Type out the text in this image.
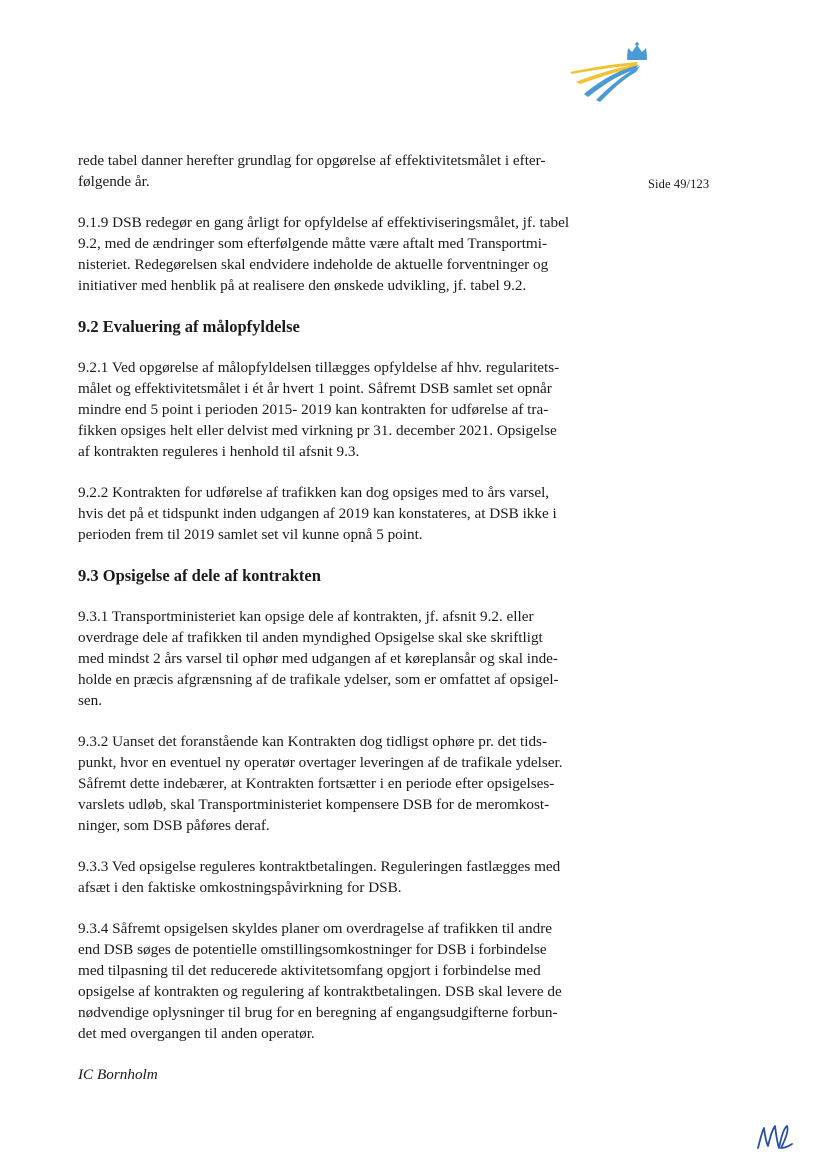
Side 49/123

rede tabel danner herefter grundlag for opgørelse af effektivitetsmålet i efter-
følgende år.

9.1.9 DSB redegør en gang årligt for opfyldelse af effektiviseringsmålet, jf. tabel
9.2, med de ændringer som efterfølgende måtte være aftalt med Transportmi-
nisteriet. Redegørelsen skal endvidere indeholde de aktuelle forventninger og
initiativer med henblik på at realisere den ønskede udvikling, jf. tabel 9.2.

9.2 Evaluering af målopfyldelse

9.2.1 Ved opgørelse af målopfyldelsen tillægges opfyldelse af hhv. regularitets-
målet og effektivitetsmålet i ét år hvert 1 point. Såfremt DSB samlet set opnår
mindre end 5 point i perioden 2015- 2019 kan kontrakten for udførelse af tra-
fikken opsiges helt eller delvist med virkning pr 31. december 2021. Opsigelse
af kontrakten reguleres i henhold til afsnit 9.3.

9.2.2 Kontrakten for udførelse af trafikken kan dog opsiges med to års varsel,
hvis det på et tidspunkt inden udgangen af 2019 kan konstateres, at DSB ikke i
perioden frem til 2019 samlet set vil kunne opnå 5 point.

9.3 Opsigelse af dele af kontrakten

9.3.1 Transportministeriet kan opsige dele af kontrakten, jf. afsnit 9.2. eller
overdrage dele af trafikken til anden myndighed Opsigelse skal ske skriftligt
med mindst 2 års varsel til ophør med udgangen af et køreplansår og skal inde-
holde en præcis afgrænsning af de trafikale ydelser, som er omfattet af opsigel-
sen.

9.3.2 Uanset det foranstående kan Kontrakten dog tidligst ophøre pr. det tids-
punkt, hvor en eventuel ny operatør overtager leveringen af de trafikale ydelser.
Såfremt dette indebærer, at Kontrakten fortsætter i en periode efter opsigelses-
varslets udløb, skal Transportministeriet kompensere DSB for de meromkost-
ninger, som DSB påføres deraf.

9.3.3 Ved opsigelse reguleres kontraktbetalingen. Reguleringen fastlægges med
afsæt i den faktiske omkostningspåvirkning for DSB.

9.3.4 Såfremt opsigelsen skyldes planer om overdragelse af trafikken til andre
end DSB søges de potentielle omstillingsomkostninger for DSB i forbindelse
med tilpasning til det reducerede aktivitetsomfang opgjort i forbindelse med
opsigelse af kontrakten og regulering af kontraktbetalingen. DSB skal levere de
nødvendige oplysninger til brug for en beregning af engangsudgifterne forbun-
det med overgangen til anden operatør.

IC Bornholm
